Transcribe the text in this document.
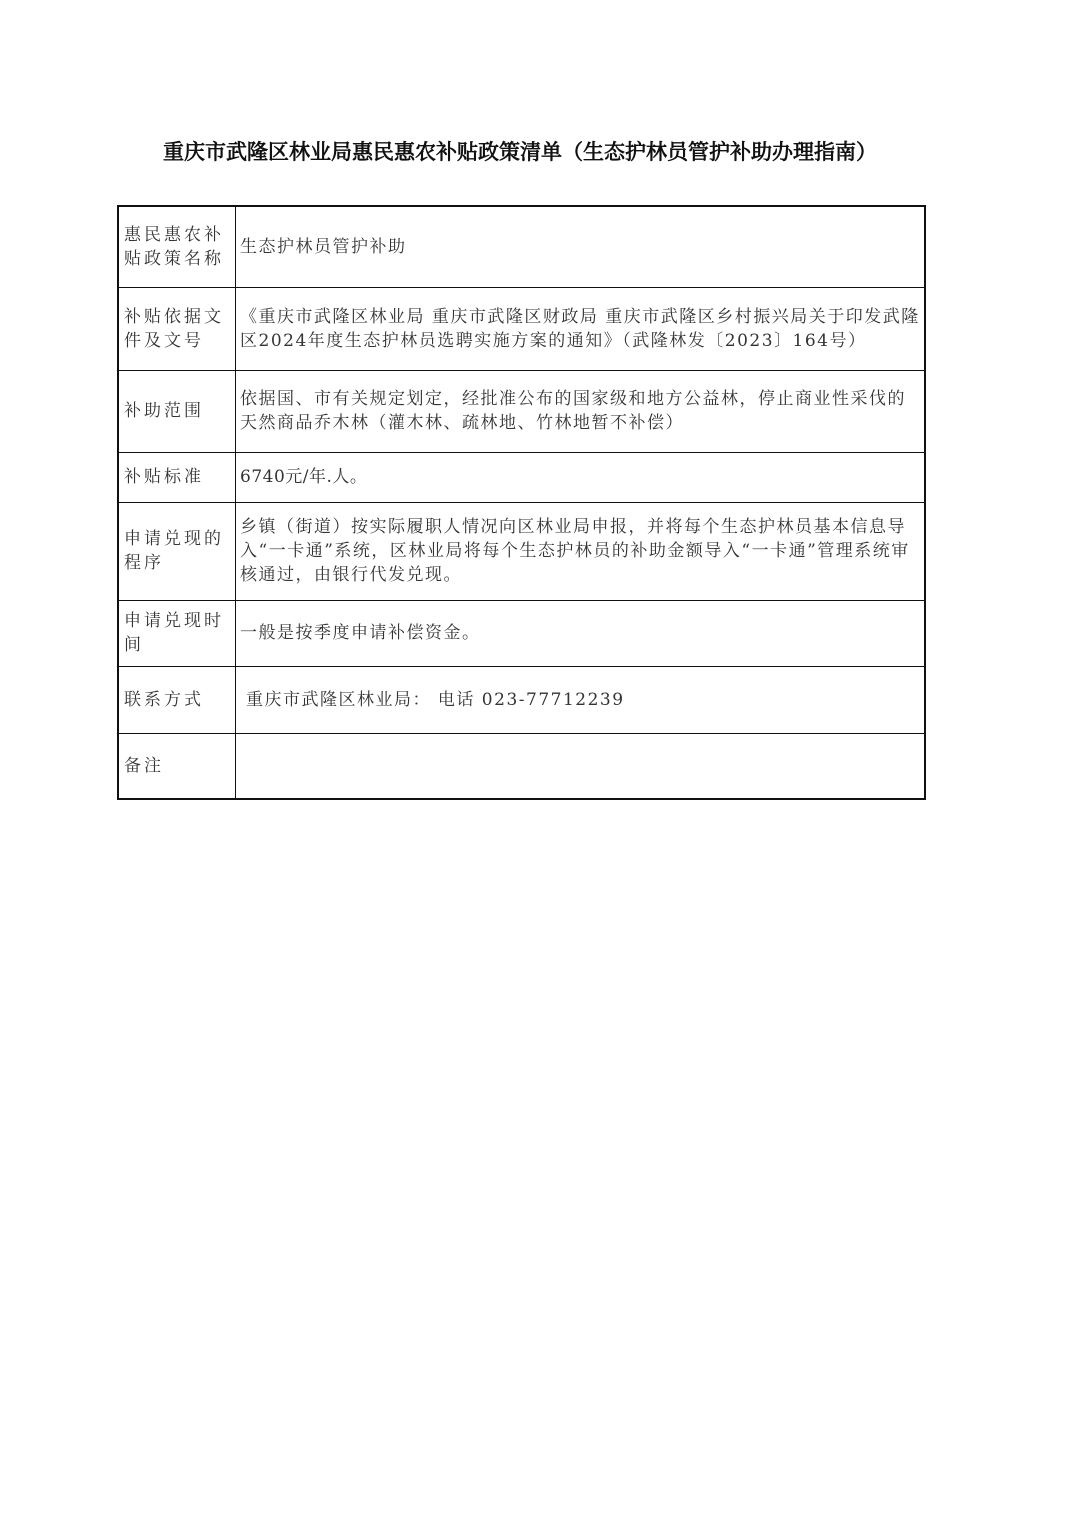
重庆市武隆区林业局惠民惠农补贴政策清单（生态护林员管护补助办理指南）
惠民惠农补贴政策名称	生态护林员管护补助
补贴依据文件及文号	《重庆市武隆区林业局 重庆市武隆区财政局 重庆市武隆区乡村振兴局关于印发武隆区2024年度生态护林员选聘实施方案的通知》（武隆林发〔2023〕164号）
补助范围	依据国、市有关规定划定，经批准公布的国家级和地方公益林，停止商业性采伐的天然商品乔木林（灌木林、疏林地、竹林地暂不补偿）
补贴标准	6740元/年.人。
申请兑现的程序	乡镇（街道）按实际履职人情况向区林业局申报，并将每个生态护林员基本信息导入“一卡通”系统，区林业局将每个生态护林员的补助金额导入“一卡通”管理系统审核通过，由银行代发兑现。
申请兑现时间	一般是按季度申请补偿资金。
联系方式	重庆市武隆区林业局： 电话 023-77712239
备注	
